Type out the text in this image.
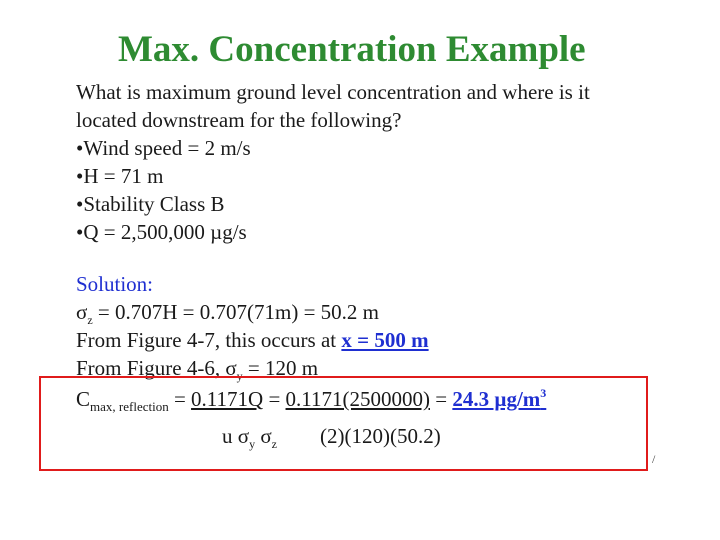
Max. Concentration Example
What is maximum ground level concentration and where is it
located downstream for the following?
•Wind speed = 2 m/s
•H = 71 m
•Stability Class B
•Q = 2,500,000 µg/s
Solution:
$\sigma_z = 0.707H = 0.707(71m) = 50.2$ m
From Figure 4-7, this occurs at x = 500 m
From Figure 4-6, $\sigma_y = 120$ m
$C_{max, reflection} = 0.1171Q = 0.1171(2500000) = 24.3$ $\mu g/m^3$
u $\sigma_y$ $\sigma_z$ (2)(120)(50.2)
/
